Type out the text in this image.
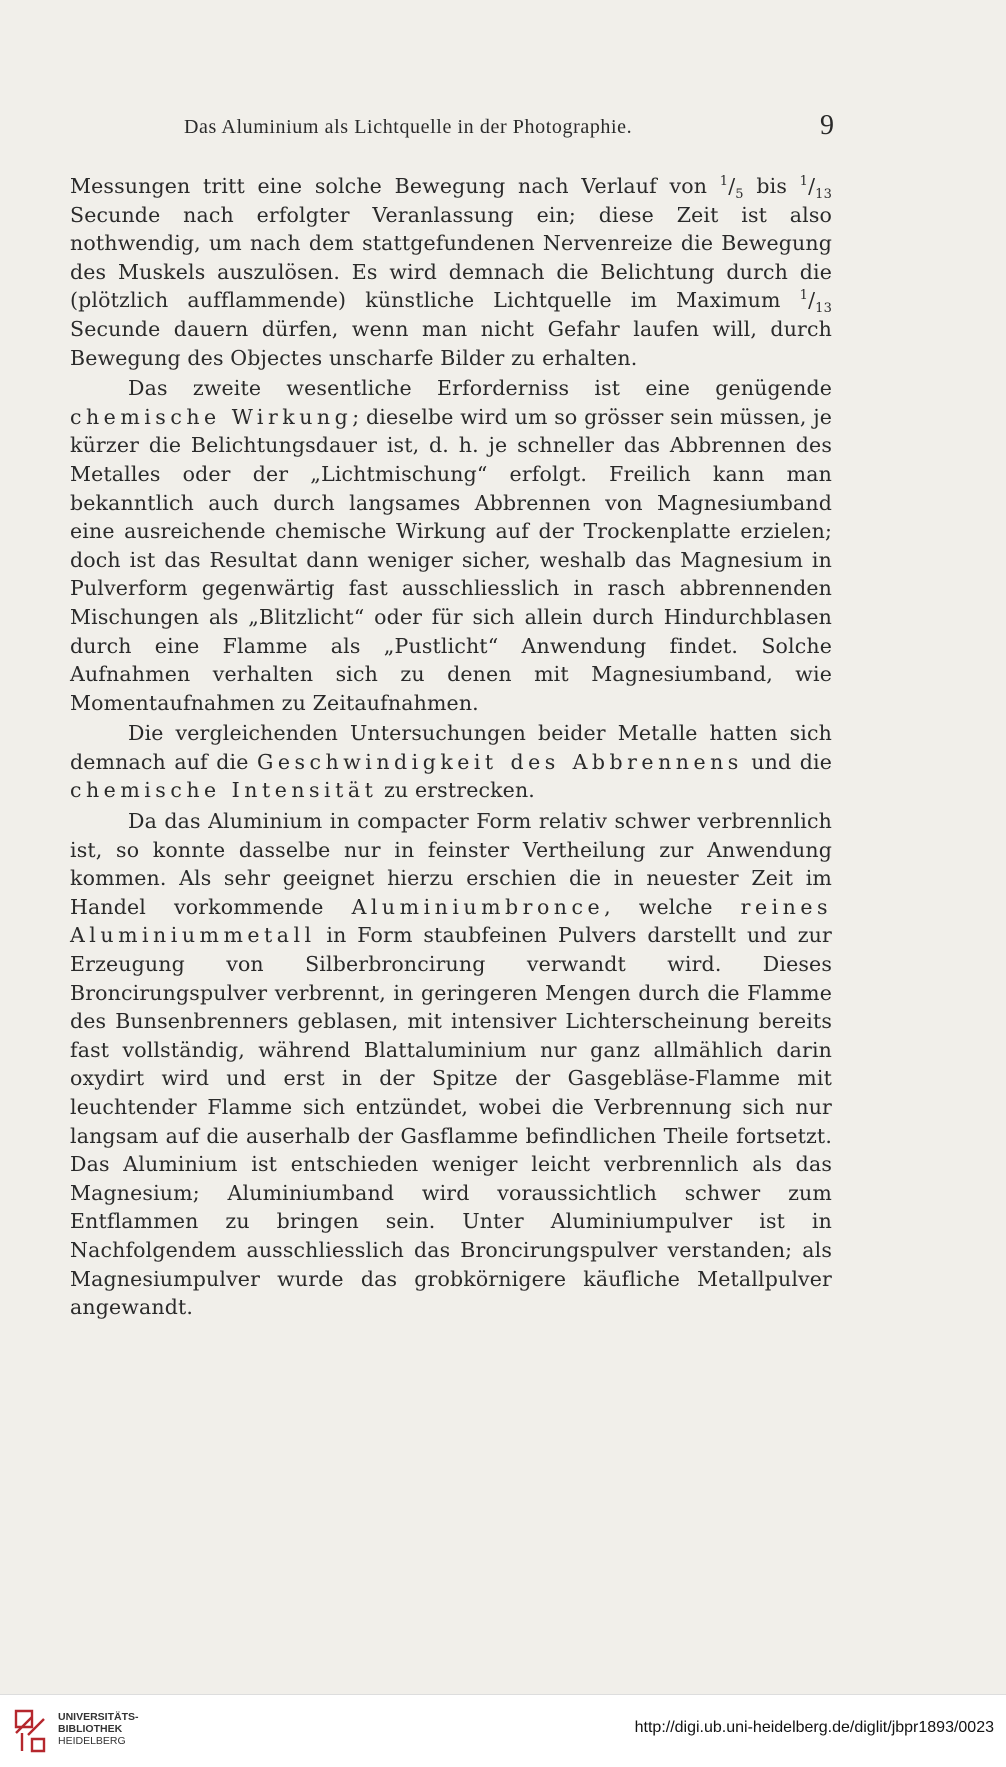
Das Aluminium als Lichtquelle in der Photographie.	9

Messungen tritt eine solche Bewegung nach Verlauf von $^1/_5$ bis $^1/_{13}$ Secunde nach erfolgter Veranlassung ein; diese Zeit ist also nothwendig, um nach dem stattgefundenen Nervenreize die Bewegung des Muskels auszulösen. Es wird demnach die Belichtung durch die (plötzlich aufflammende) künstliche Lichtquelle im Maximum $^1/_{13}$ Secunde dauern dürfen, wenn man nicht Gefahr laufen will, durch Bewegung des Objectes unscharfe Bilder zu erhalten.

Das zweite wesentliche Erforderniss ist eine genügende chemische Wirkung; dieselbe wird um so grösser sein müssen, je kürzer die Belichtungsdauer ist, d. h. je schneller das Abbrennen des Metalles oder der „Lichtmischung“ erfolgt. Freilich kann man bekanntlich auch durch langsames Abbrennen von Magnesiumband eine ausreichende chemische Wirkung auf der Trockenplatte erzielen; doch ist das Resultat dann weniger sicher, weshalb das Magnesium in Pulverform gegenwärtig fast ausschliesslich in rasch abbrennenden Mischungen als „Blitzlicht“ oder für sich allein durch Hindurchblasen durch eine Flamme als „Pustlicht“ Anwendung findet. Solche Aufnahmen verhalten sich zu denen mit Magnesiumband, wie Momentaufnahmen zu Zeitaufnahmen.

Die vergleichenden Untersuchungen beider Metalle hatten sich demnach auf die Geschwindigkeit des Abbrennens und die chemische Intensität zu erstrecken.

Da das Aluminium in compacter Form relativ schwer verbrennlich ist, so konnte dasselbe nur in feinster Vertheilung zur Anwendung kommen. Als sehr geeignet hierzu erschien die in neuester Zeit im Handel vorkommende Aluminiumbronce, welche reines Aluminiummetall in Form staubfeinen Pulvers darstellt und zur Erzeugung von Silberbroncirung verwandt wird. Dieses Broncirungspulver verbrennt, in geringeren Mengen durch die Flamme des Bunsenbrenners geblasen, mit intensiver Lichterscheinung bereits fast vollständig, während Blattaluminium nur ganz allmählich darin oxydirt wird und erst in der Spitze der Gasgebläse-Flamme mit leuchtender Flamme sich entzündet, wobei die Verbrennung sich nur langsam auf die auserhalb der Gasflamme befindlichen Theile fortsetzt. Das Aluminium ist entschieden weniger leicht verbrennlich als das Magnesium; Aluminiumband wird voraussichtlich schwer zum Entflammen zu bringen sein. Unter Aluminiumpulver ist in Nachfolgendem ausschliesslich das Broncirungspulver verstanden; als Magnesiumpulver wurde das grobkörnigere käufliche Metallpulver angewandt.

UNIVERSITÄTS-
BIBLIOTHEK
HEIDELBERG
http://digi.ub.uni-heidelberg.de/diglit/jbpr1893/0023
